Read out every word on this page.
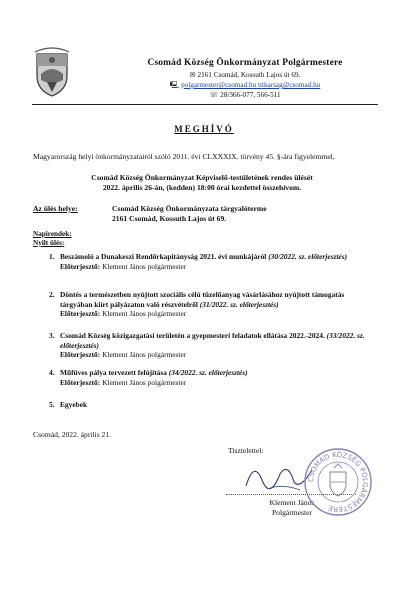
Csomád Község Önkormányzat Polgármestere
✉ 2161 Csomád, Kossuth Lajos út 69.
🖳 polgarmester@csomad.hu titkarsag@csomad.hu
☏ 28/366-077, 566-511
MEGHÍVÓ
Magyarország helyi önkormányzatairól szóló 2011. évi CLXXXIX. törvény 45. §-ára figyelemmel,
Csomád Község Önkormányzat Képviselő-testületének rendes ülését
2022. április 26-án, (kedden) 18:00 órai kezdettel összehívom.
Az ülés helye:	Csomád Község Önkormányzata tárgyalóterme
2161 Csomád, Kossuth Lajos út 69.
Napirendek:
Nyilt ülés:
1. Beszámoló a Dunakeszi Rendőrkapitányság 2021. évi munkájáról (30/2022. sz. előterjesztés)
Előterjesztő: Klement János polgármester
2. Döntés a természetben nyújtott szociális célú tüzelőanyag vásárlásához nyújtott támogatás tárgyában kiírt pályázaton való részvételről (31/2022. sz. előterjesztés)
Előterjesztő: Klement János polgármester
3. Csomád Község közigazgatási területén a gyepmesteri feladatok ellátása 2022.-2024. (33/2022. sz. előterjesztés)
Előterjesztő: Klement János polgármester
4. Műfüves pálya tervezett felújítása (34/2022. sz. előterjesztés)
Előterjesztő: Klement János polgármester
5. Egyebek
Csomád, 2022. április 21.
Tisztelettel:
Klement János
Polgármester
CSOMÁD KÖZSÉG POLGÁRMESTERE
